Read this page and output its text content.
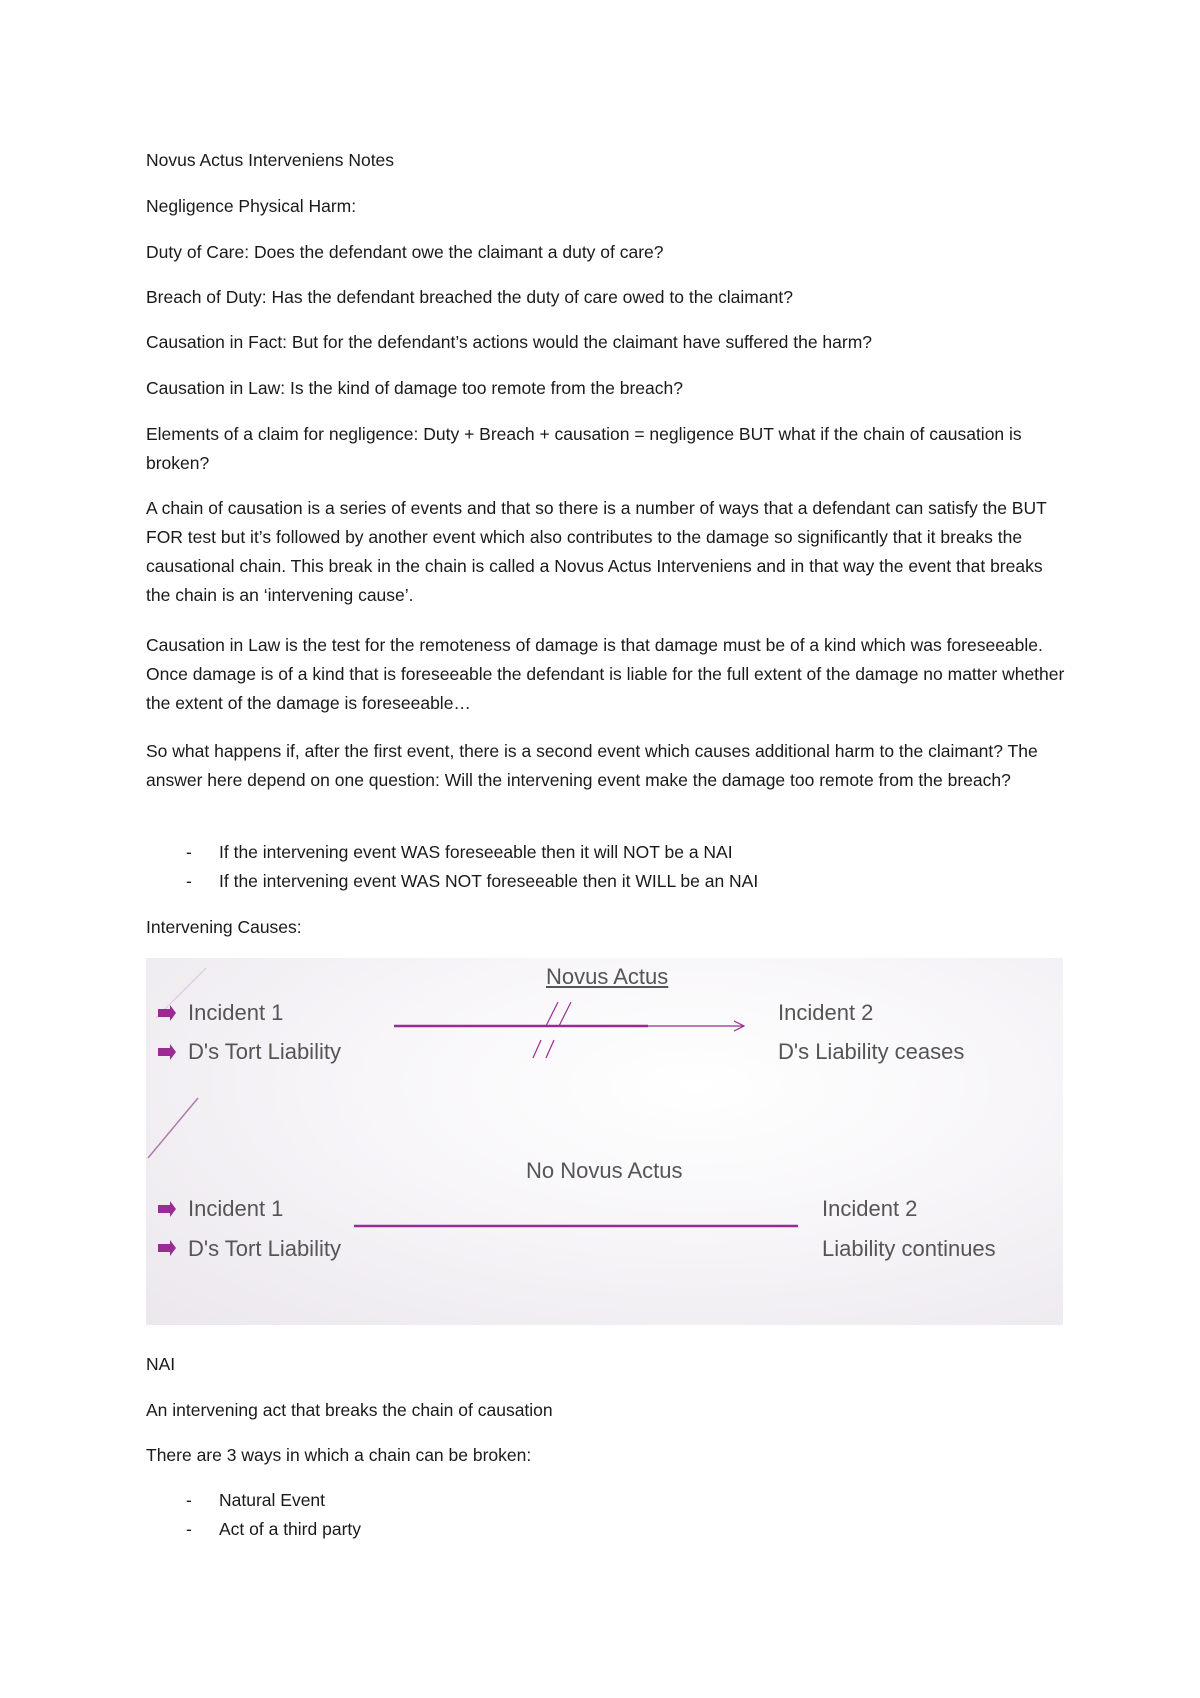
Novus Actus Interveniens Notes

Negligence Physical Harm:

Duty of Care: Does the defendant owe the claimant a duty of care?

Breach of Duty: Has the defendant breached the duty of care owed to the claimant?

Causation in Fact: But for the defendant’s actions would the claimant have suffered the harm?

Causation in Law: Is the kind of damage too remote from the breach?

Elements of a claim for negligence: Duty + Breach + causation = negligence BUT what if the chain of causation is broken?

A chain of causation is a series of events and that so there is a number of ways that a defendant can satisfy the BUT FOR test but it’s followed by another event which also contributes to the damage so significantly that it breaks the causational chain. This break in the chain is called a Novus Actus Interveniens and in that way the event that breaks the chain is an ‘intervening cause’.

Causation in Law is the test for the remoteness of damage is that damage must be of a kind which was foreseeable. Once damage is of a kind that is foreseeable the defendant is liable for the full extent of the damage no matter whether the extent of the damage is foreseeable…

So what happens if, after the first event, there is a second event which causes additional harm to the claimant? The answer here depend on one question: Will the intervening event make the damage too remote from the breach?

- If the intervening event WAS foreseeable then it will NOT be a NAI
- If the intervening event WAS NOT foreseeable then it WILL be an NAI

Intervening Causes:

Novus Actus
Incident 1
D's Tort Liability
Incident 2
D's Liability ceases
No Novus Actus
Incident 1
D's Tort Liability
Incident 2
Liability continues

NAI

An intervening act that breaks the chain of causation

There are 3 ways in which a chain can be broken:

- Natural Event
- Act of a third party
